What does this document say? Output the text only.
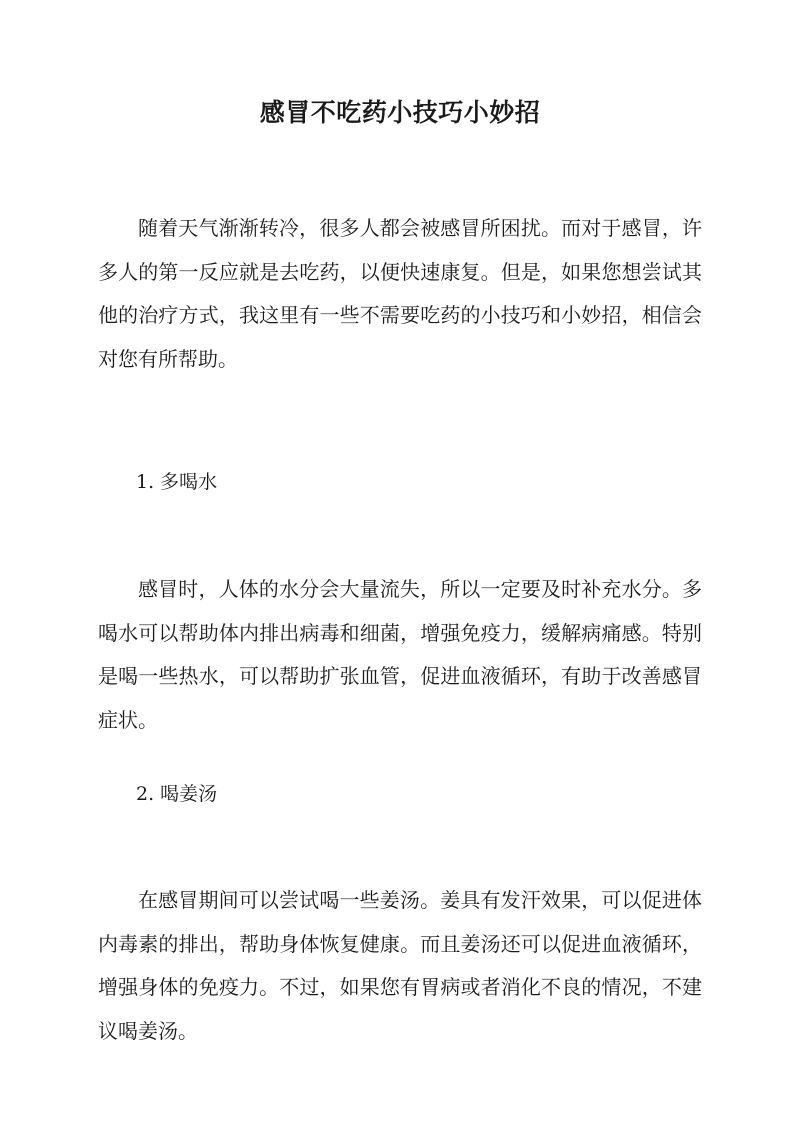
感冒不吃药小技巧小妙招

随着天气渐渐转冷，很多人都会被感冒所困扰。而对于感冒，许多人的第一反应就是去吃药，以便快速康复。但是，如果您想尝试其他的治疗方式，我这里有一些不需要吃药的小技巧和小妙招，相信会对您有所帮助。

1. 多喝水

感冒时，人体的水分会大量流失，所以一定要及时补充水分。多喝水可以帮助体内排出病毒和细菌，增强免疫力，缓解病痛感。特别是喝一些热水，可以帮助扩张血管，促进血液循环，有助于改善感冒症状。

2. 喝姜汤

在感冒期间可以尝试喝一些姜汤。姜具有发汗效果，可以促进体内毒素的排出，帮助身体恢复健康。而且姜汤还可以促进血液循环，增强身体的免疫力。不过，如果您有胃病或者消化不良的情况，不建议喝姜汤。
